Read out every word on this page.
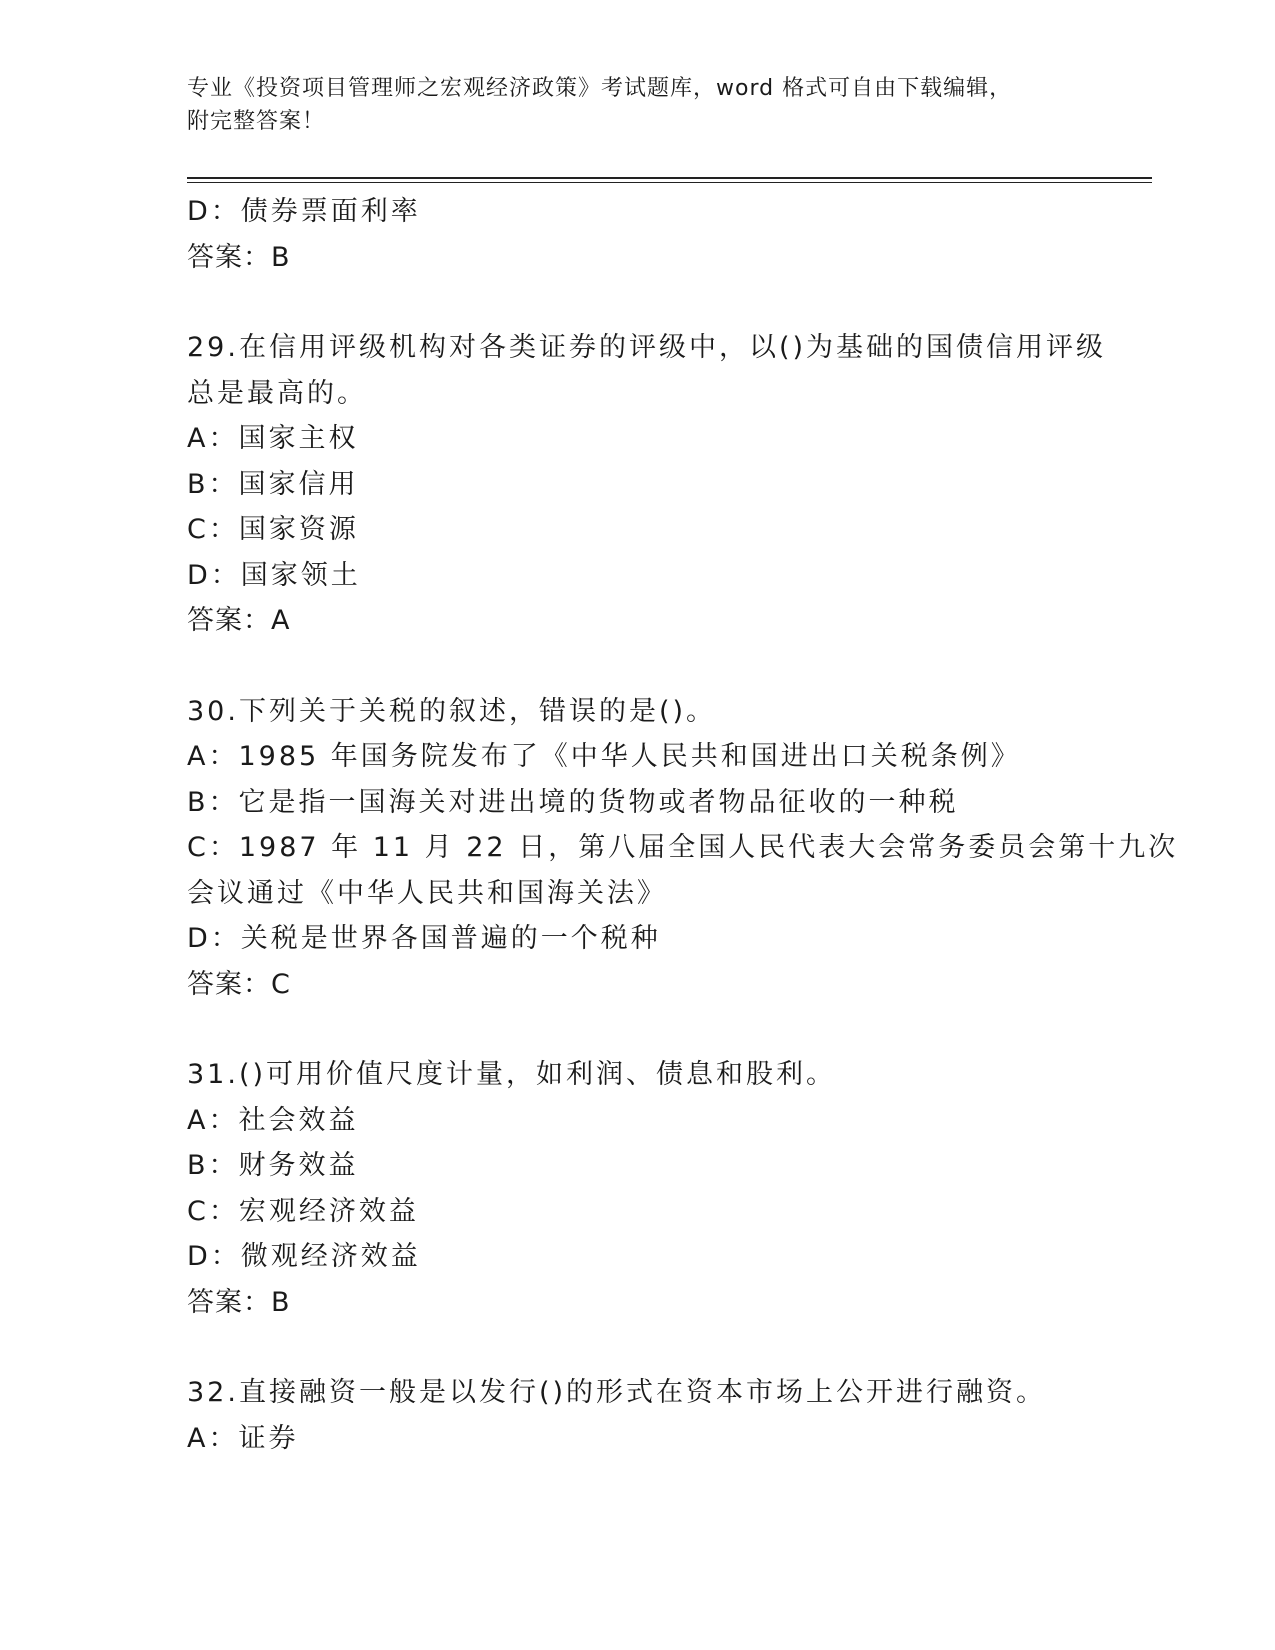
专业《投资项目管理师之宏观经济政策》考试题库，word 格式可自由下载编辑，
附完整答案！
D：债券票面利率
答案：B
29.在信用评级机构对各类证券的评级中，以()为基础的国债信用评级
总是最高的。
A：国家主权
B：国家信用
C：国家资源
D：国家领土
答案：A
30.下列关于关税的叙述，错误的是()。
A：1985 年国务院发布了《中华人民共和国进出口关税条例》
B：它是指一国海关对进出境的货物或者物品征收的一种税
C：1987 年 11 月 22 日，第八届全国人民代表大会常务委员会第十九次
会议通过《中华人民共和国海关法》
D：关税是世界各国普遍的一个税种
答案：C
31.()可用价值尺度计量，如利润、债息和股利。
A：社会效益
B：财务效益
C：宏观经济效益
D：微观经济效益
答案：B
32.直接融资一般是以发行()的形式在资本市场上公开进行融资。
A：证券
